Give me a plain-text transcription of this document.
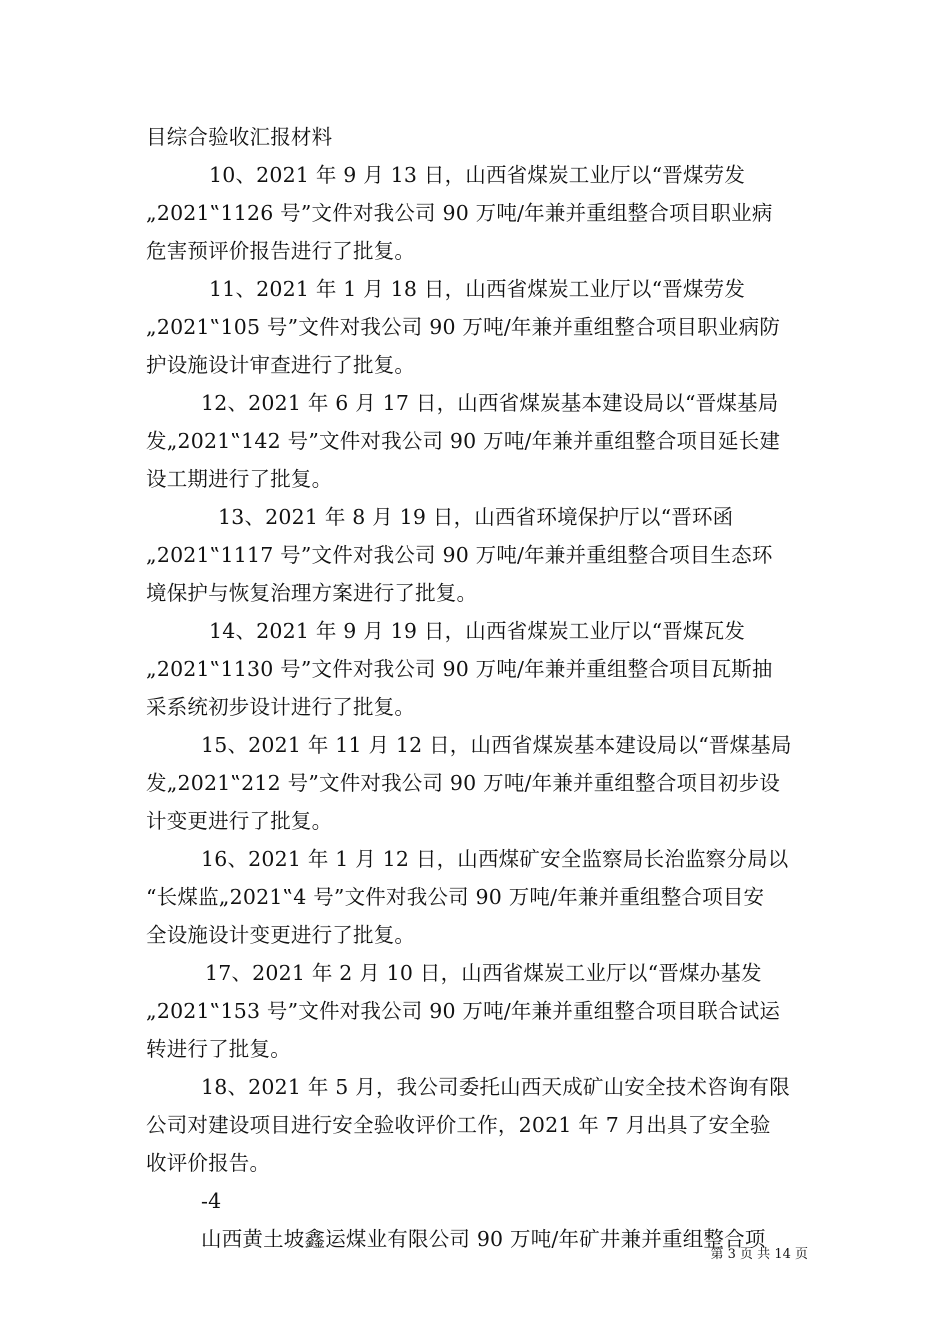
目综合验收汇报材料
10、2021 年 9 月 13 日，山西省煤炭工业厅以“晋煤劳发
„2021‟1126 号”文件对我公司 90 万吨/年兼并重组整合项目职业病
危害预评价报告进行了批复。
11、2021 年 1 月 18 日，山西省煤炭工业厅以“晋煤劳发
„2021‟105 号”文件对我公司 90 万吨/年兼并重组整合项目职业病防
护设施设计审查进行了批复。
12、2021 年 6 月 17 日，山西省煤炭基本建设局以“晋煤基局
发„2021‟142 号”文件对我公司 90 万吨/年兼并重组整合项目延长建
设工期进行了批复。
13、2021 年 8 月 19 日，山西省环境保护厅以“晋环函
„2021‟1117 号”文件对我公司 90 万吨/年兼并重组整合项目生态环
境保护与恢复治理方案进行了批复。
14、2021 年 9 月 19 日，山西省煤炭工业厅以“晋煤瓦发
„2021‟1130 号”文件对我公司 90 万吨/年兼并重组整合项目瓦斯抽
采系统初步设计进行了批复。
15、2021 年 11 月 12 日，山西省煤炭基本建设局以“晋煤基局
发„2021‟212 号”文件对我公司 90 万吨/年兼并重组整合项目初步设
计变更进行了批复。
16、2021 年 1 月 12 日，山西煤矿安全监察局长治监察分局以
“长煤监„2021‟4 号”文件对我公司 90 万吨/年兼并重组整合项目安
全设施设计变更进行了批复。
17、2021 年 2 月 10 日，山西省煤炭工业厅以“晋煤办基发
„2021‟153 号”文件对我公司 90 万吨/年兼并重组整合项目联合试运
转进行了批复。
18、2021 年 5 月，我公司委托山西天成矿山安全技术咨询有限
公司对建设项目进行安全验收评价工作，2021 年 7 月出具了安全验
收评价报告。
-4
山西黄土坡鑫运煤业有限公司 90 万吨/年矿井兼并重组整合项
第 3 页 共 14 页
